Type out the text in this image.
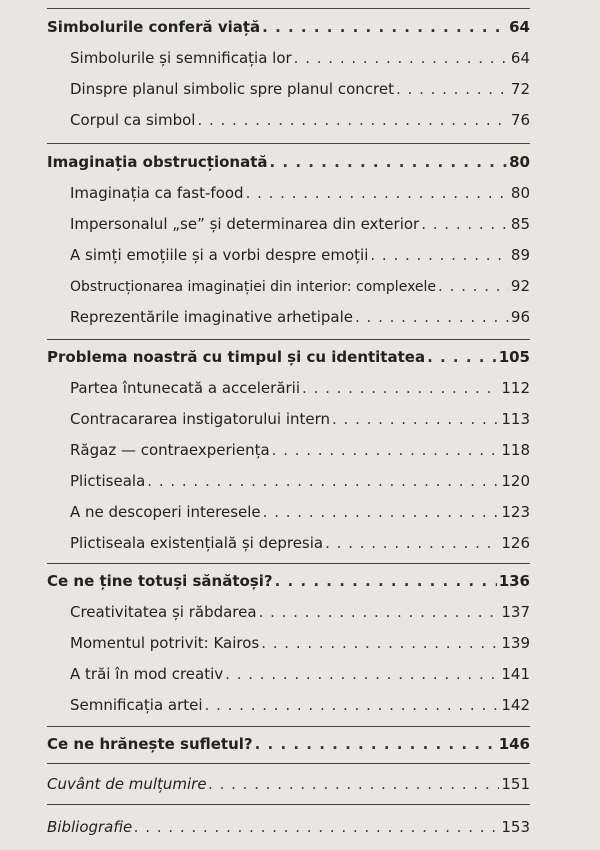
Simbolurile conferă viață . . .	64
Simbolurile și semnificația lor . . .	64
Dinspre planul simbolic spre planul concret . . .	72
Corpul ca simbol . . .	76
Imaginația obstrucționată . . .	80
Imaginația ca fast-food . . .	80
Impersonalul „se” și determinarea din exterior . . .	85
A simți emoțiile și a vorbi despre emoții . . .	89
Obstrucționarea imaginației din interior: complexele . . .	92
Reprezentările imaginative arhetipale . . .	96
Problema noastră cu timpul și cu identitatea . . .	105
Partea întunecată a accelerării . . .	112
Contracararea instigatorului intern . . .	113
Răgaz — contraexperiența . . .	118
Plictiseala . . .	120
A ne descoperi interesele . . .	123
Plictiseala existențială și depresia . . .	126
Ce ne ține totuși sănătoși? . . .	136
Creativitatea și răbdarea . . .	137
Momentul potrivit: Kairos . . .	139
A trăi în mod creativ . . .	141
Semnificația artei . . .	142
Ce ne hrănește sufletul? . . .	146
Cuvânt de mulțumire . . .	151
Bibliografie . . .	153
